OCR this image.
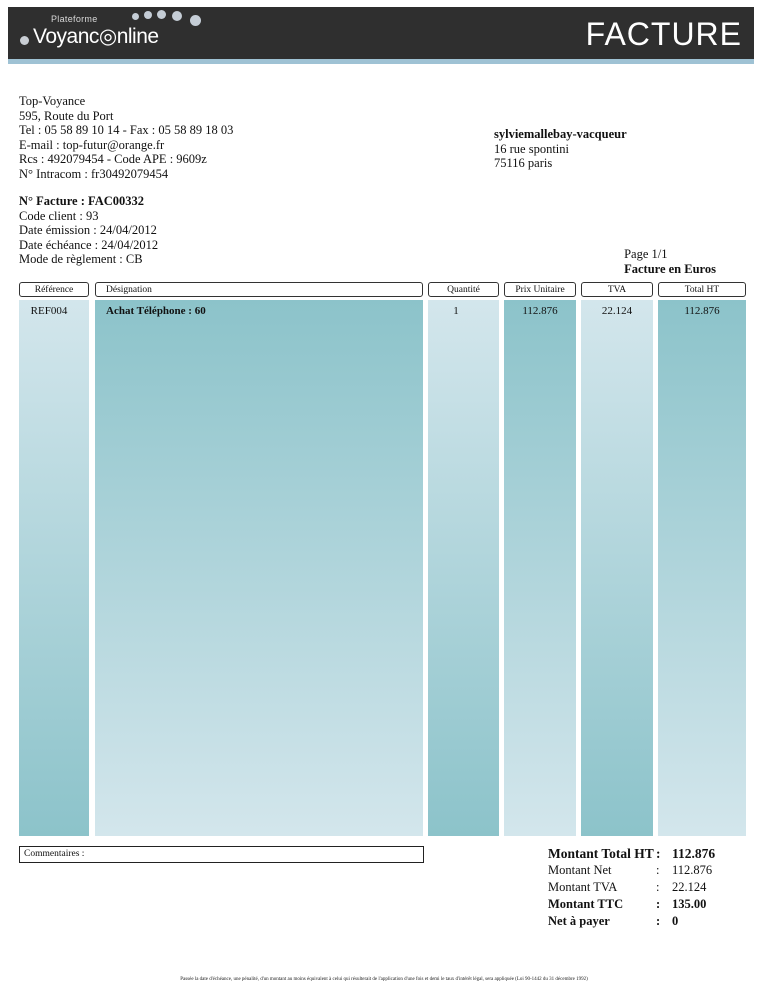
Plateforme
Voyanc◎nline	FACTURE
Top-Voyance
595, Route du Port
Tel : 05 58 89 10 14 - Fax : 05 58 89 18 03
E-mail : top-futur@orange.fr
Rcs : 492079454 - Code APE : 9609z
N° Intracom : fr30492079454
sylviemallebay-vacqueur
16 rue spontini
75116 paris
N° Facture : FAC00332
Code client : 93
Date émission : 24/04/2012
Date échéance : 24/04/2012
Mode de règlement : CB	Page 1/1
Facture en Euros
Référence	Désignation	Quantité	Prix Unitaire	TVA	Total HT
REF004	Achat Téléphone : 60	1	112.876	22.124	112.876
Commentaires :	Montant Total HT : 112.876
Montant Net	: 112.876
Montant TVA	: 22.124
Montant TTC	: 135.00
Net à payer	: 0
Passée la date d'échéance, une pénalité, d'un montant au moins équivalent à celui qui résulterait de l'application d'une fois et demi le taux d'intérêt légal, sera appliquée (Loi 90-1442 du 31 décembre 1992)
